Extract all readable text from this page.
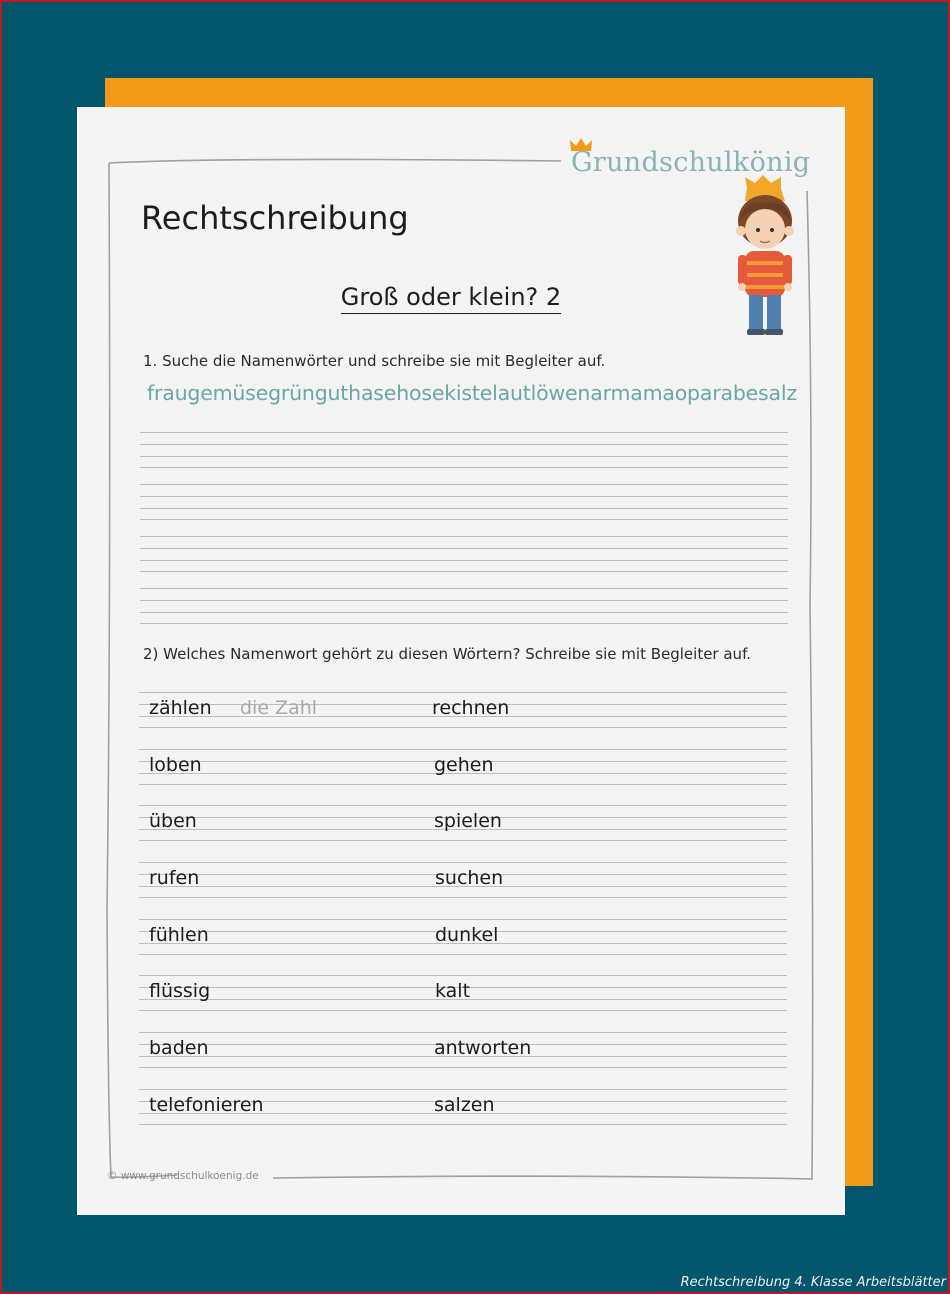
Grundschulkönig
Rechtschreibung
Groß oder klein? 2
1. Suche die Namenwörter und schreibe sie mit Begleiter auf.
fraugemüsegrünguthasehosekistelautlöwenarmamaoparabesalz
2) Welches Namenwort gehört zu diesen Wörtern? Schreibe sie mit Begleiter auf.
zählen die Zahl	rechnen
loben	gehen
üben	spielen
rufen	suchen
fühlen	dunkel
flüssig	kalt
baden	antworten
telefonieren	salzen
© www.grundschulkoenig.de
Rechtschreibung 4. Klasse Arbeitsblätter
